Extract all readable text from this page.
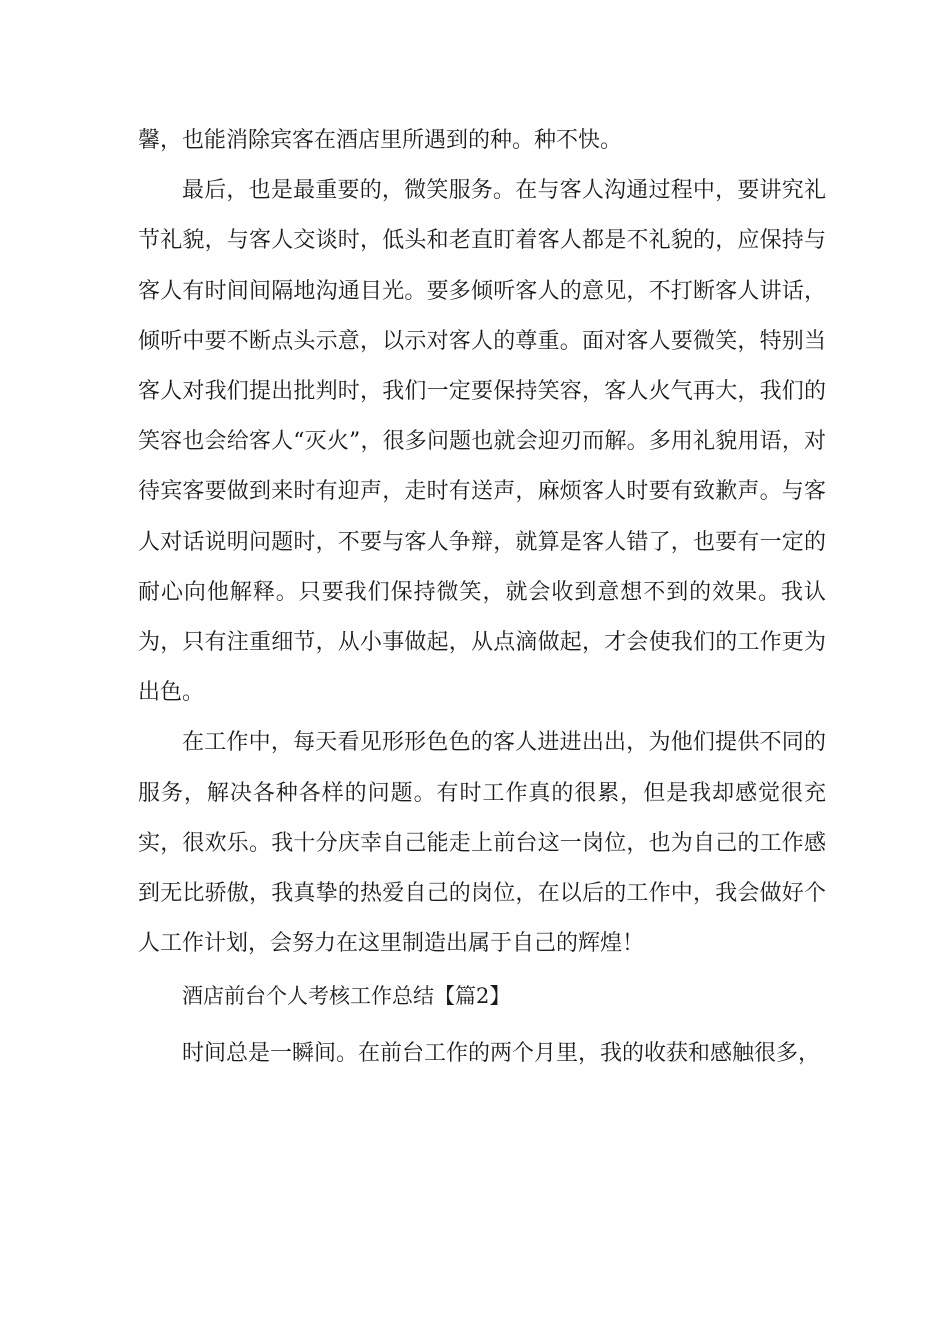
馨，也能消除宾客在酒店里所遇到的种。种不快。

最后，也是最重要的，微笑服务。在与客人沟通过程中，要讲究礼节礼貌，与客人交谈时，低头和老直盯着客人都是不礼貌的，应保持与客人有时间间隔地沟通目光。要多倾听客人的意见，不打断客人讲话，倾听中要不断点头示意，以示对客人的尊重。面对客人要微笑，特别当客人对我们提出批判时，我们一定要保持笑容，客人火气再大，我们的笑容也会给客人“灭火”，很多问题也就会迎刃而解。多用礼貌用语，对待宾客要做到来时有迎声，走时有送声，麻烦客人时要有致歉声。与客人对话说明问题时，不要与客人争辩，就算是客人错了，也要有一定的耐心向他解释。只要我们保持微笑，就会收到意想不到的效果。我认为，只有注重细节，从小事做起，从点滴做起，才会使我们的工作更为出色。

在工作中，每天看见形形色色的客人进进出出，为他们提供不同的服务，解决各种各样的问题。有时工作真的很累，但是我却感觉很充实，很欢乐。我十分庆幸自己能走上前台这一岗位，也为自己的工作感到无比骄傲，我真挚的热爱自己的岗位，在以后的工作中，我会做好个人工作计划，会努力在这里制造出属于自己的辉煌！

酒店前台个人考核工作总结【篇2】

时间总是一瞬间。在前台工作的两个月里，我的收获和感触很多，
